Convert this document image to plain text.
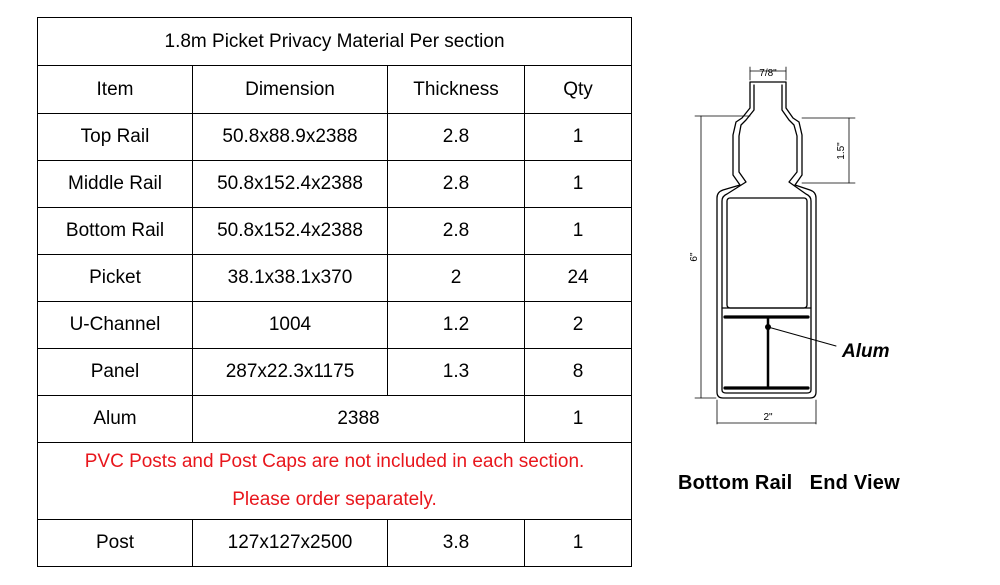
1.8m Picket Privacy Material Per section			
Item	Dimension	Thickness	Qty
Top Rail	50.8x88.9x2388	2.8	1
Middle Rail	50.8x152.4x2388	2.8	1
Bottom Rail	50.8x152.4x2388	2.8	1
Picket	38.1x38.1x370	2	24
U-Channel	1004	1.2	2
Panel	287x22.3x1175	1.3	8
Alum	2388		1

PVC Posts and Post Caps are not included in each section.
Please order separately.			

Post	127x127x2500	3.8	1
7/8"
1.5"
6"
2"
Alum
Bottom Rail   End View
